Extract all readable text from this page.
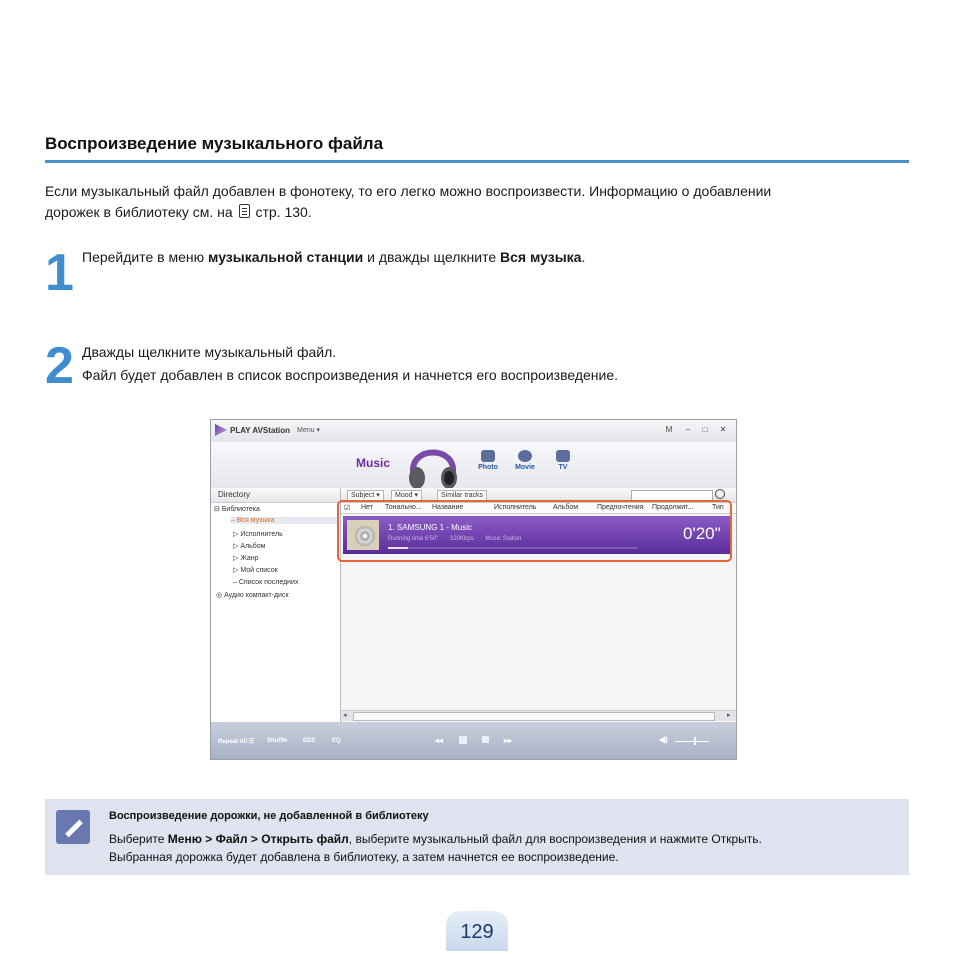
Воспроизведение музыкального файла
Если музыкальный файл добавлен в фонотеку, то его легко можно воспроизвести. Информацию о добавлении
дорожек в библиотеку см. на стр. 130.
1 Перейдите в меню музыкальной станции и дважды щелкните Вся музыка.
2 Дважды щелкните музыкальный файл.
Файл будет добавлен в список воспроизведения и начнется его воспроизведение.
PLAY AVStation Menu ▾	M	–	□	✕
Music	Photo	Movie	TV
Directory
⊟ Библиотека
– Вся музыка
▷ Исполнитель
▷ Альбом
▷ Жанр
▷ Мой список
– Список последних
◎ Аудио компакт-диск
Subject ▾	Mood ▾	Similar tracks
☑ Нет Тонально... Название	Исполнитель Альбом	Предпочтения Продолжит...	Тип
1. SAMSUNG 1 - Music
Running time 6'50" 320Kbps Music Station	0'20"
◂	▸
Repeat All ☰ Shuffle	EDS	EQ	◂◂	▸▸	◀)
Воспроизведение дорожки, не добавленной в библиотеку
Выберите Меню > Файл > Открыть файл, выберите музыкальный файл для воспроизведения и нажмите Открыть.
Выбранная дорожка будет добавлена в библиотеку, а затем начнется ее воспроизведение.
129
